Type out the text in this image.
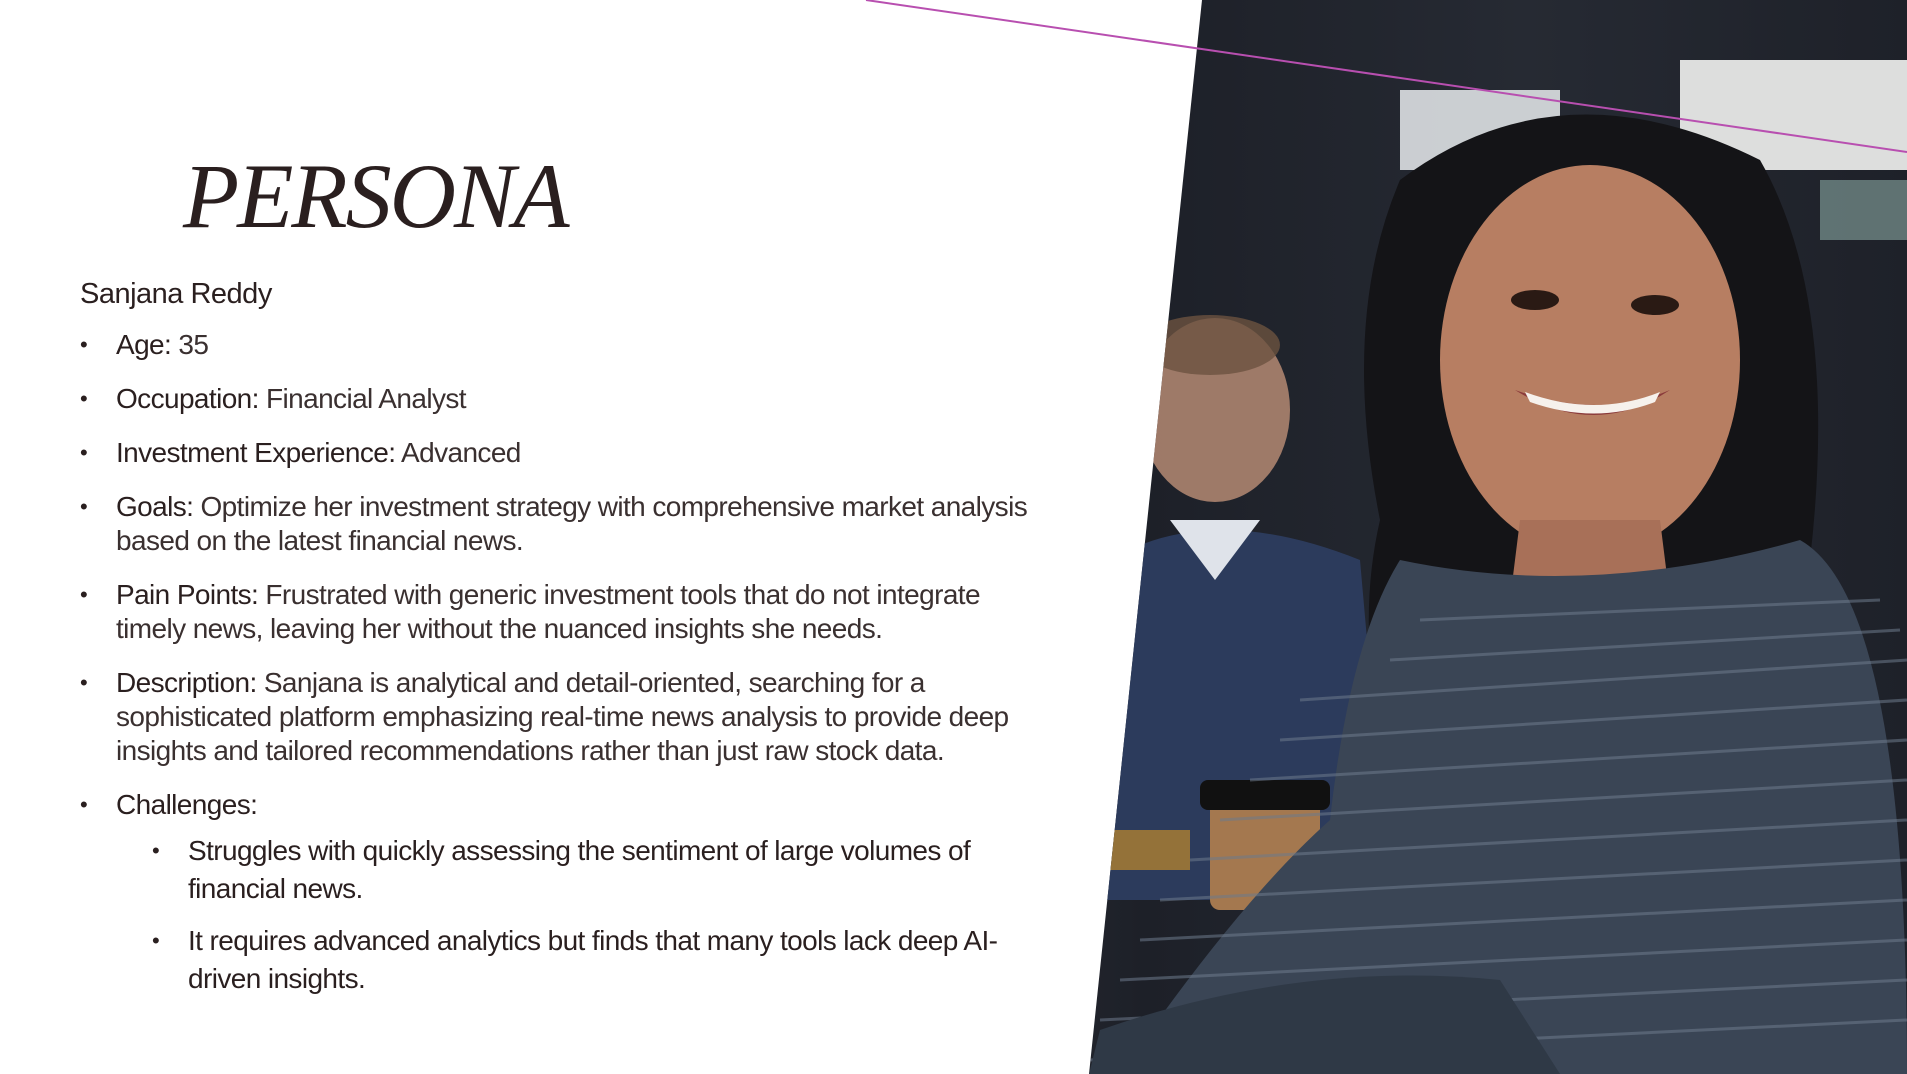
PERSONA

Sanjana Reddy

• Age: 35
• Occupation: Financial Analyst
• Investment Experience: Advanced
• Goals: Optimize her investment strategy with comprehensive market analysis based on the latest financial news.
• Pain Points: Frustrated with generic investment tools that do not integrate timely news, leaving her without the nuanced insights she needs.
• Description: Sanjana is analytical and detail-oriented, searching for a sophisticated platform emphasizing real-time news analysis to provide deep insights and tailored recommendations rather than just raw stock data.
• Challenges:
• Struggles with quickly assessing the sentiment of large volumes of financial news.
• It requires advanced analytics but finds that many tools lack deep AI-driven insights.
